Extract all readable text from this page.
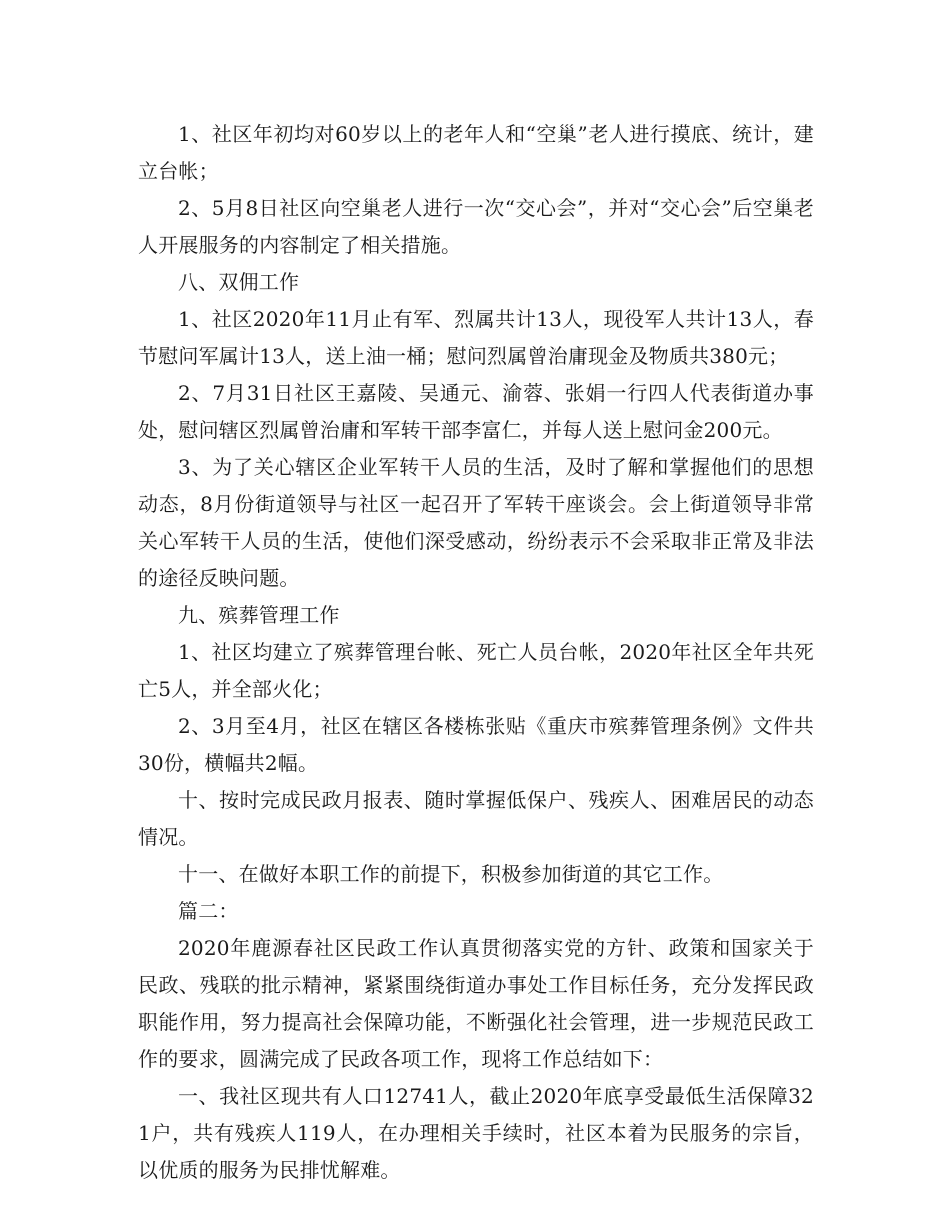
1、社区年初均对60岁以上的老年人和“空巢”老人进行摸底、统计，建立台帐；

2、5月8日社区向空巢老人进行一次“交心会”，并对“交心会”后空巢老人开展服务的内容制定了相关措施。

八、双佣工作

1、社区2020年11月止有军、烈属共计13人，现役军人共计13人，春节慰问军属计13人，送上油一桶；慰问烈属曾治庸现金及物质共380元；

2、7月31日社区王嘉陵、吴通元、渝蓉、张娟一行四人代表街道办事处，慰问辖区烈属曾治庸和军转干部李富仁，并每人送上慰问金200元。

3、为了关心辖区企业军转干人员的生活，及时了解和掌握他们的思想动态，8月份街道领导与社区一起召开了军转干座谈会。会上街道领导非常关心军转干人员的生活，使他们深受感动，纷纷表示不会采取非正常及非法的途径反映问题。

九、殡葬管理工作

1、社区均建立了殡葬管理台帐、死亡人员台帐，2020年社区全年共死亡5人，并全部火化；

2、3月至4月，社区在辖区各楼栋张贴《重庆市殡葬管理条例》文件共30份，横幅共2幅。

十、按时完成民政月报表、随时掌握低保户、残疾人、困难居民的动态情况。

十一、在做好本职工作的前提下，积极参加街道的其它工作。

篇二：

2020年鹿源春社区民政工作认真贯彻落实党的方针、政策和国家关于民政、残联的批示精神，紧紧围绕街道办事处工作目标任务，充分发挥民政职能作用，努力提高社会保障功能，不断强化社会管理，进一步规范民政工作的要求，圆满完成了民政各项工作，现将工作总结如下：

一、我社区现共有人口12741人，截止2020年底享受最低生活保障321户，共有残疾人119人，在办理相关手续时，社区本着为民服务的宗旨，以优质的服务为民排忧解难。
